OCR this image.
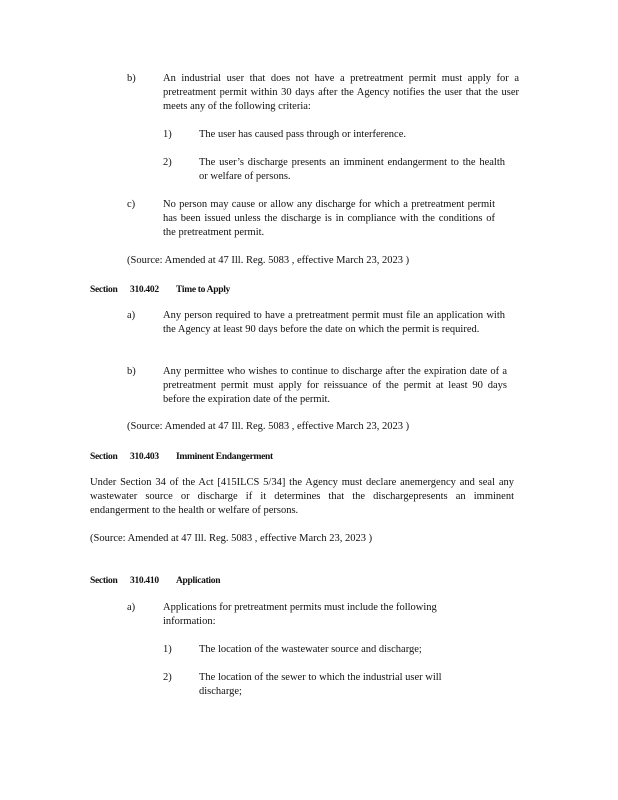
b)	An industrial user that does not have a pretreatment permit must apply for a pretreatment permit within 30 days after the Agency notifies the user that the user meets any of the following criteria:
1)	The user has caused pass through or interference.
2)	The user’s discharge presents an imminent endangerment to the health or welfare of persons.
c)	No person may cause or allow any discharge for which a pretreatment permit has been issued unless the discharge is in compliance with the conditions of the pretreatment permit.
(Source: Amended at 47 Ill. Reg. 5083 , effective March 23, 2023 )
Section 310.402 Time to Apply
a)	Any person required to have a pretreatment permit must file an application with the Agency at least 90 days before the date on which the permit is required.
b)	Any permittee who wishes to continue to discharge after the expiration date of a pretreatment permit must apply for reissuance of the permit at least 90 days before the expiration date of the permit.
(Source: Amended at 47 Ill. Reg. 5083 , effective March 23, 2023 )
Section 310.403 Imminent Endangerment
Under Section 34 of the Act [415ILCS 5/34] the Agency must declare anemergency and seal any wastewater source or discharge if it determines that the dischargepresents an imminent endangerment to the health or welfare of persons.
(Source: Amended at 47 Ill. Reg. 5083 , effective March 23, 2023 )
Section 310.410 Application
a)	Applications for pretreatment permits must include the following information:
1)	The location of the wastewater source and discharge;
2)	The location of the sewer to which the industrial user will discharge;
